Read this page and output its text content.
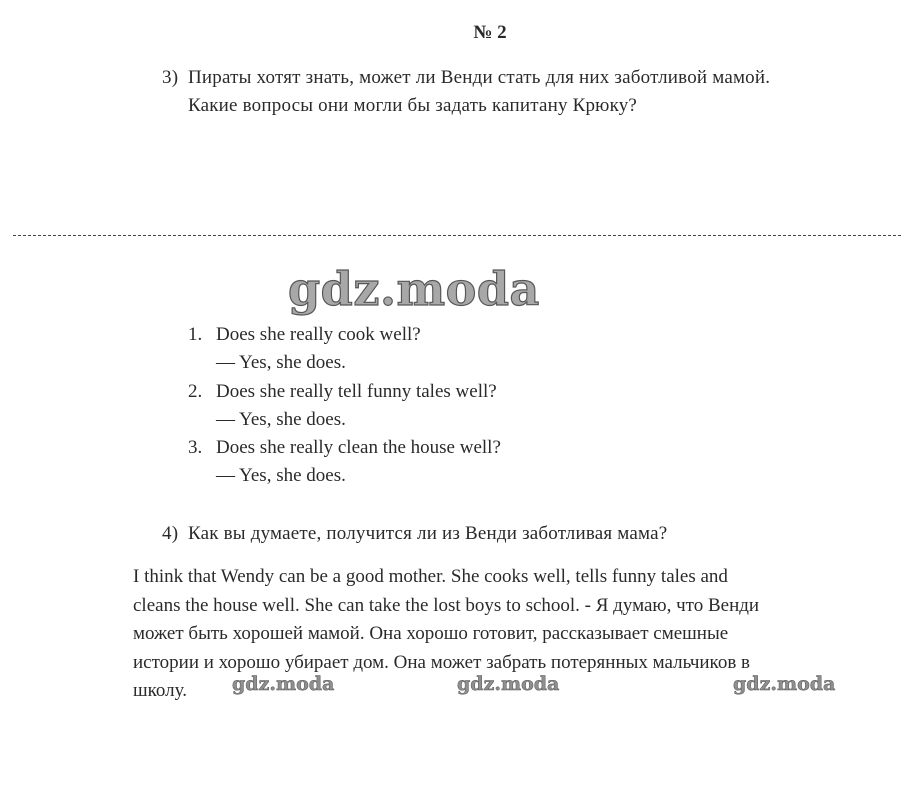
№ 2
3) Пираты хотят знать, может ли Венди стать для них заботливой мамой.
Какие вопросы они могли бы задать капитану Крюку?
gdz.moda
1. Does she really cook well?
— Yes, she does.
2. Does she really tell funny tales well?
— Yes, she does.
3. Does she really clean the house well?
— Yes, she does.
4) Как вы думаете, получится ли из Венди заботливая мама?
I think that Wendy can be a good mother. She cooks well, tells funny tales and
cleans the house well. She can take the lost boys to school. - Я думаю, что Венди
может быть хорошей мамой. Она хорошо готовит, рассказывает смешные
истории и хорошо убирает дом. Она может забрать потерянных мальчиков в
школу.	gdz.moda	gdz.moda	gdz.moda
